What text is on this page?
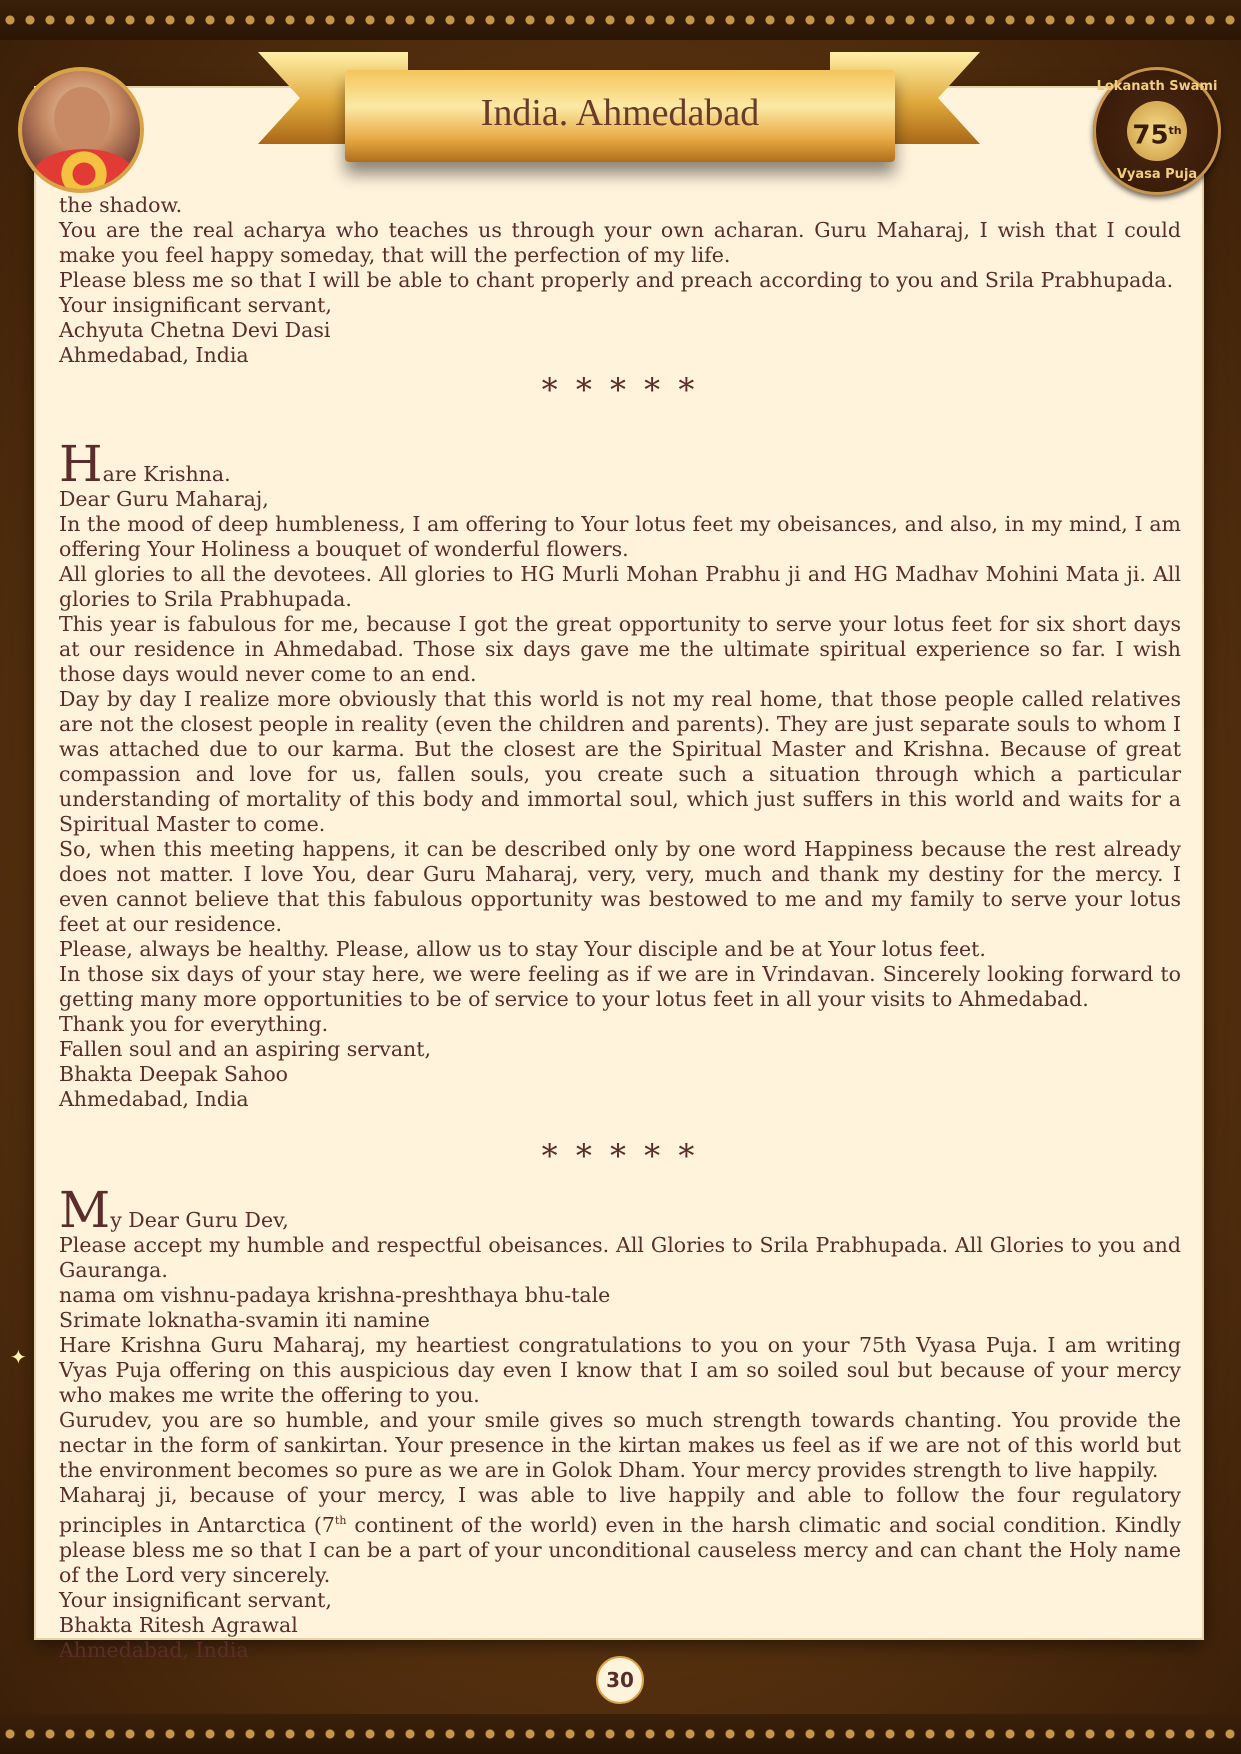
India. Ahmedabad
Lokanath Swami
75th
Vyasa Puja
✦

the shadow.

You are the real acharya who teaches us through your own acharan. Guru Maharaj, I wish that I could make you feel happy someday, that will the perfection of my life.

Please bless me so that I will be able to chant properly and preach according to you and Srila Prabhupada.

Your insignificant servant,

Achyuta Chetna Devi Dasi

Ahmedabad, India

* * * * *

Hare Krishna.

Dear Guru Maharaj,

In the mood of deep humbleness, I am offering to Your lotus feet my obeisances, and also, in my mind, I am offering Your Holiness a bouquet of wonderful flowers.

All glories to all the devotees. All glories to HG Murli Mohan Prabhu ji and HG Madhav Mohini Mata ji. All glories to Srila Prabhupada.

This year is fabulous for me, because I got the great opportunity to serve your lotus feet for six short days at our residence in Ahmedabad. Those six days gave me the ultimate spiritual experience so far. I wish those days would never come to an end.

Day by day I realize more obviously that this world is not my real home, that those people called relatives are not the closest people in reality (even the children and parents). They are just separate souls to whom I was attached due to our karma. But the closest are the Spiritual Master and Krishna. Because of great compassion and love for us, fallen souls, you create such a situation through which a particular understanding of mortality of this body and immortal soul, which just suffers in this world and waits for a Spiritual Master to come.

So, when this meeting happens, it can be described only by one word Happiness because the rest already does not matter. I love You, dear Guru Maharaj, very, very, much and thank my destiny for the mercy. I even cannot believe that this fabulous opportunity was bestowed to me and my family to serve your lotus feet at our residence.

Please, always be healthy. Please, allow us to stay Your disciple and be at Your lotus feet.

In those six days of your stay here, we were feeling as if we are in Vrindavan. Sincerely looking forward to getting many more opportunities to be of service to your lotus feet in all your visits to Ahmedabad.

Thank you for everything.

Fallen soul and an aspiring servant,

Bhakta Deepak Sahoo

Ahmedabad, India

* * * * *

My Dear Guru Dev,

Please accept my humble and respectful obeisances. All Glories to Srila Prabhupada. All Glories to you and Gauranga.

nama om vishnu-padaya krishna-preshthaya bhu-tale

Srimate loknatha-svamin iti namine

Hare Krishna Guru Maharaj, my heartiest congratulations to you on your 75th Vyasa Puja. I am writing Vyas Puja offering on this auspicious day even I know that I am so soiled soul but because of your mercy who makes me write the offering to you.

Gurudev, you are so humble, and your smile gives so much strength towards chanting. You provide the nectar in the form of sankirtan. Your presence in the kirtan makes us feel as if we are not of this world but the environment becomes so pure as we are in Golok Dham. Your mercy provides strength to live happily.

Maharaj ji, because of your mercy, I was able to live happily and able to follow the four regulatory principles in Antarctica (7th continent of the world) even in the harsh climatic and social condition. Kindly please bless me so that I can be a part of your unconditional causeless mercy and can chant the Holy name of the Lord very sincerely.

Your insignificant servant,

Bhakta Ritesh Agrawal

Ahmedabad, India

30
